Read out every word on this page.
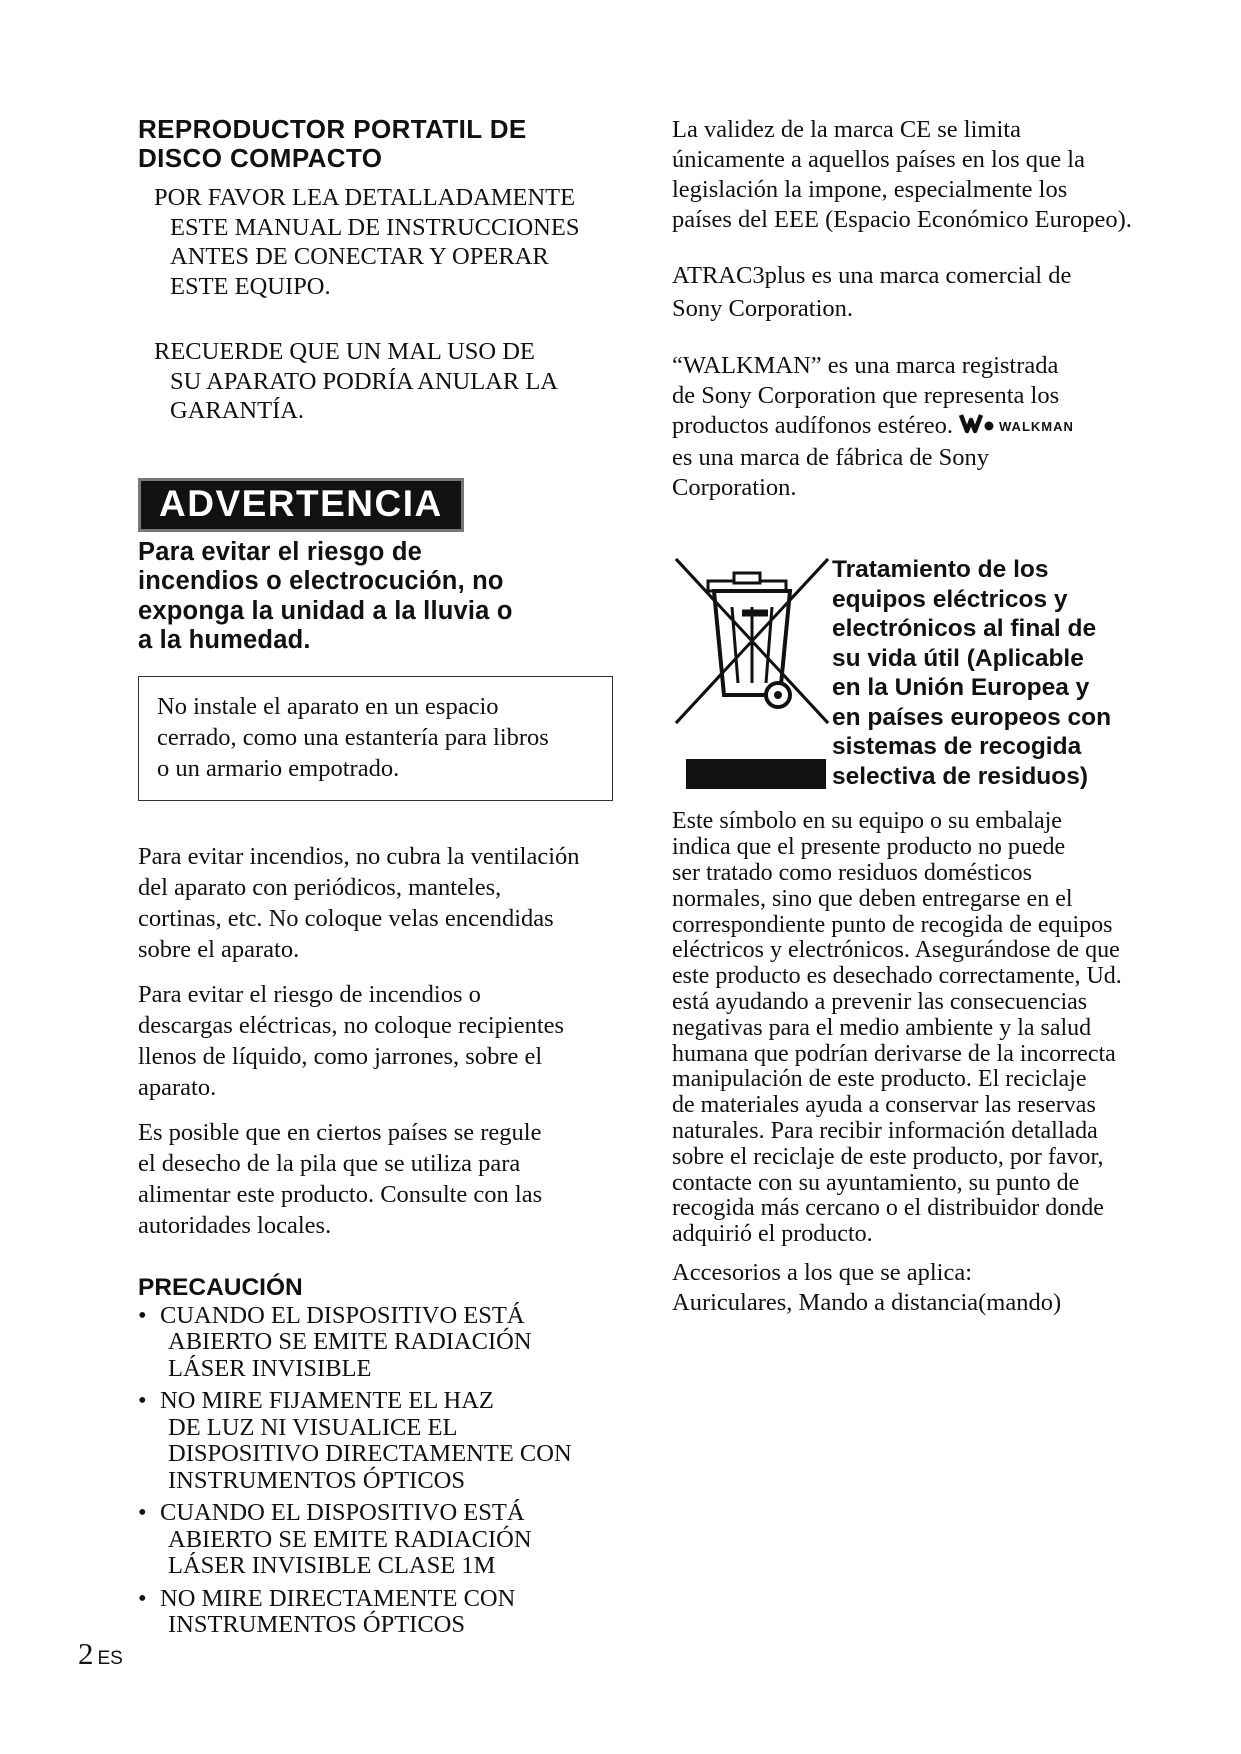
REPRODUCTOR PORTATIL DE
DISCO COMPACTO

POR FAVOR LEA DETALLADAMENTE
ESTE MANUAL DE INSTRUCCIONES
ANTES DE CONECTAR Y OPERAR
ESTE EQUIPO.

RECUERDE QUE UN MAL USO DE
SU APARATO PODRÍA ANULAR LA
GARANTÍA.

ADVERTENCIA

Para evitar el riesgo de
incendios o electrocución, no
exponga la unidad a la lluvia o
a la humedad.

No instale el aparato en un espacio
cerrado, como una estantería para libros
o un armario empotrado.

Para evitar incendios, no cubra la ventilación
del aparato con periódicos, manteles,
cortinas, etc. No coloque velas encendidas
sobre el aparato.

Para evitar el riesgo de incendios o
descargas eléctricas, no coloque recipientes
llenos de líquido, como jarrones, sobre el
aparato.

Es posible que en ciertos países se regule
el desecho de la pila que se utiliza para
alimentar este producto. Consulte con las
autoridades locales.

PRECAUCIÓN
• CUANDO EL DISPOSITIVO ESTÁ
ABIERTO SE EMITE RADIACIÓN
LÁSER INVISIBLE
• NO MIRE FIJAMENTE EL HAZ
DE LUZ NI VISUALICE EL
DISPOSITIVO DIRECTAMENTE CON
INSTRUMENTOS ÓPTICOS
• CUANDO EL DISPOSITIVO ESTÁ
ABIERTO SE EMITE RADIACIÓN
LÁSER INVISIBLE CLASE 1M
• NO MIRE DIRECTAMENTE CON
INSTRUMENTOS ÓPTICOS
2 ES

La validez de la marca CE se limita
únicamente a aquellos países en los que la
legislación la impone, especialmente los
países del EEE (Espacio Económico Europeo).

ATRAC3plus es una marca comercial de
Sony Corporation.

“WALKMAN” es una marca registrada
de Sony Corporation que representa los
productos audífonos estéreo.	WALKMAN
es una marca de fábrica de Sony
Corporation.

Tratamiento de los
equipos eléctricos y
electrónicos al final de
su vida útil (Aplicable
en la Unión Europea y
en países europeos con
sistemas de recogida
selectiva de residuos)

Este símbolo en su equipo o su embalaje
indica que el presente producto no puede
ser tratado como residuos domésticos
normales, sino que deben entregarse en el
correspondiente punto de recogida de equipos
eléctricos y electrónicos. Asegurándose de que
este producto es desechado correctamente, Ud.
está ayudando a prevenir las consecuencias
negativas para el medio ambiente y la salud
humana que podrían derivarse de la incorrecta
manipulación de este producto. El reciclaje
de materiales ayuda a conservar las reservas
naturales. Para recibir información detallada
sobre el reciclaje de este producto, por favor,
contacte con su ayuntamiento, su punto de
recogida más cercano o el distribuidor donde
adquirió el producto.

Accesorios a los que se aplica:
Auriculares, Mando a distancia(mando)
